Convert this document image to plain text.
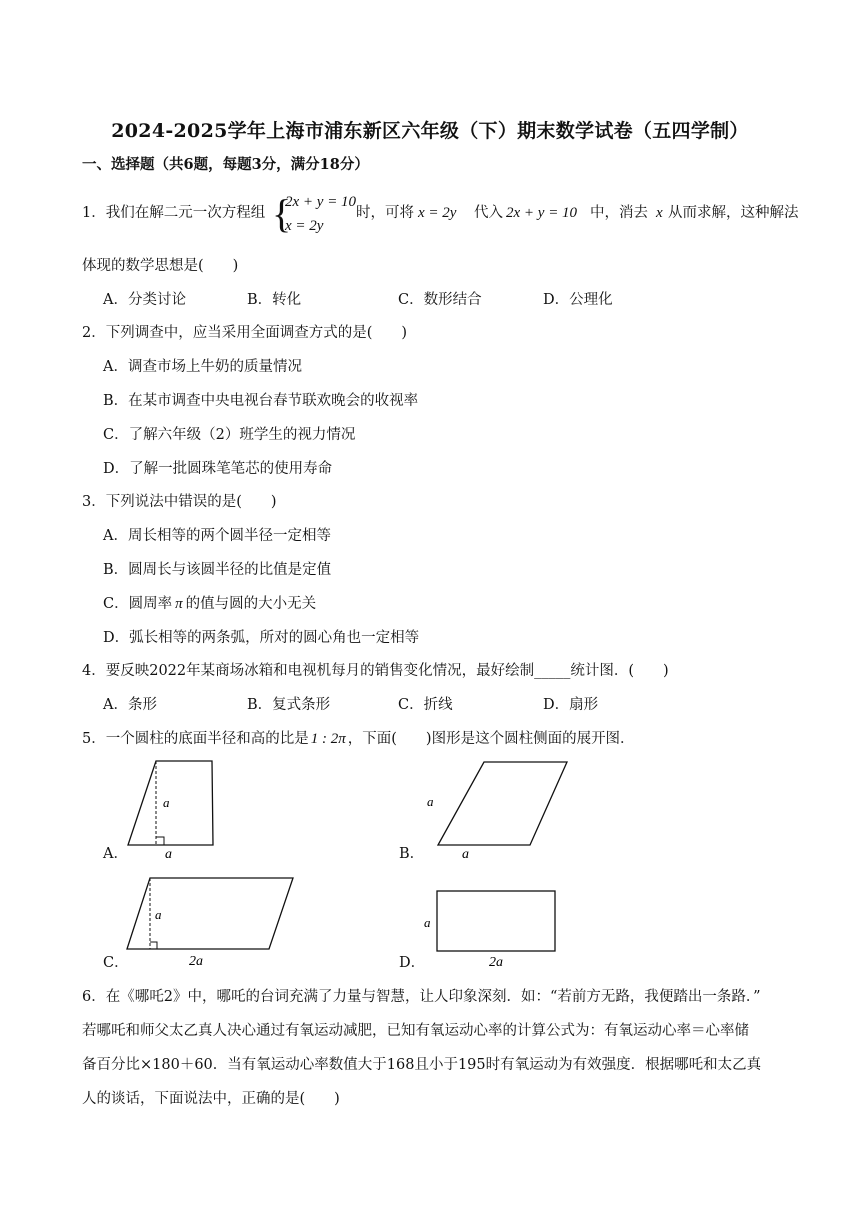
2024-2025学年上海市浦东新区六年级（下）期末数学试卷（五四学制）
一、选择题（共6题，每题3分，满分18分）
1．我们在解二元一次方程组 {
2x + y = 10
x = 2y
时，可将 x = 2y 代入 2x + y = 10 中，消去 x 从而求解，这种解法
体现的数学思想是(　　)
A．分类讨论	B．转化	C．数形结合	D．公理化
2．下列调查中，应当采用全面调查方式的是(　　)
A．调查市场上牛奶的质量情况
B．在某市调查中央电视台春节联欢晚会的收视率
C．了解六年级（2）班学生的视力情况
D．了解一批圆珠笔笔芯的使用寿命
3．下列说法中错误的是(　　)
A．周长相等的两个圆半径一定相等
B．圆周长与该圆半径的比值是定值
C．圆周率 π 的值与圆的大小无关
D．弧长相等的两条弧，所对的圆心角也一定相等
4．要反映2022年某商场冰箱和电视机每月的销售变化情况，最好绘制_____统计图．(　　)
A．条形	B．复式条形	C．折线	D．扇形
5．一个圆柱的底面半径和高的比是 1 : 2π ，下面(　　)图形是这个圆柱侧面的展开图．
A．
a
a	B．
a
a
C．
a
2a	D．
a
2a
6．在《哪吒2》中，哪吒的台词充满了力量与智慧，让人印象深刻．如：“若前方无路，我便踏出一条路．”
若哪吒和师父太乙真人决心通过有氧运动减肥，已知有氧运动心率的计算公式为：有氧运动心率＝心率储
备百分比×180＋60．当有氧运动心率数值大于168且小于195时有氧运动为有效强度．根据哪吒和太乙真
人的谈话，下面说法中，正确的是(　　)
